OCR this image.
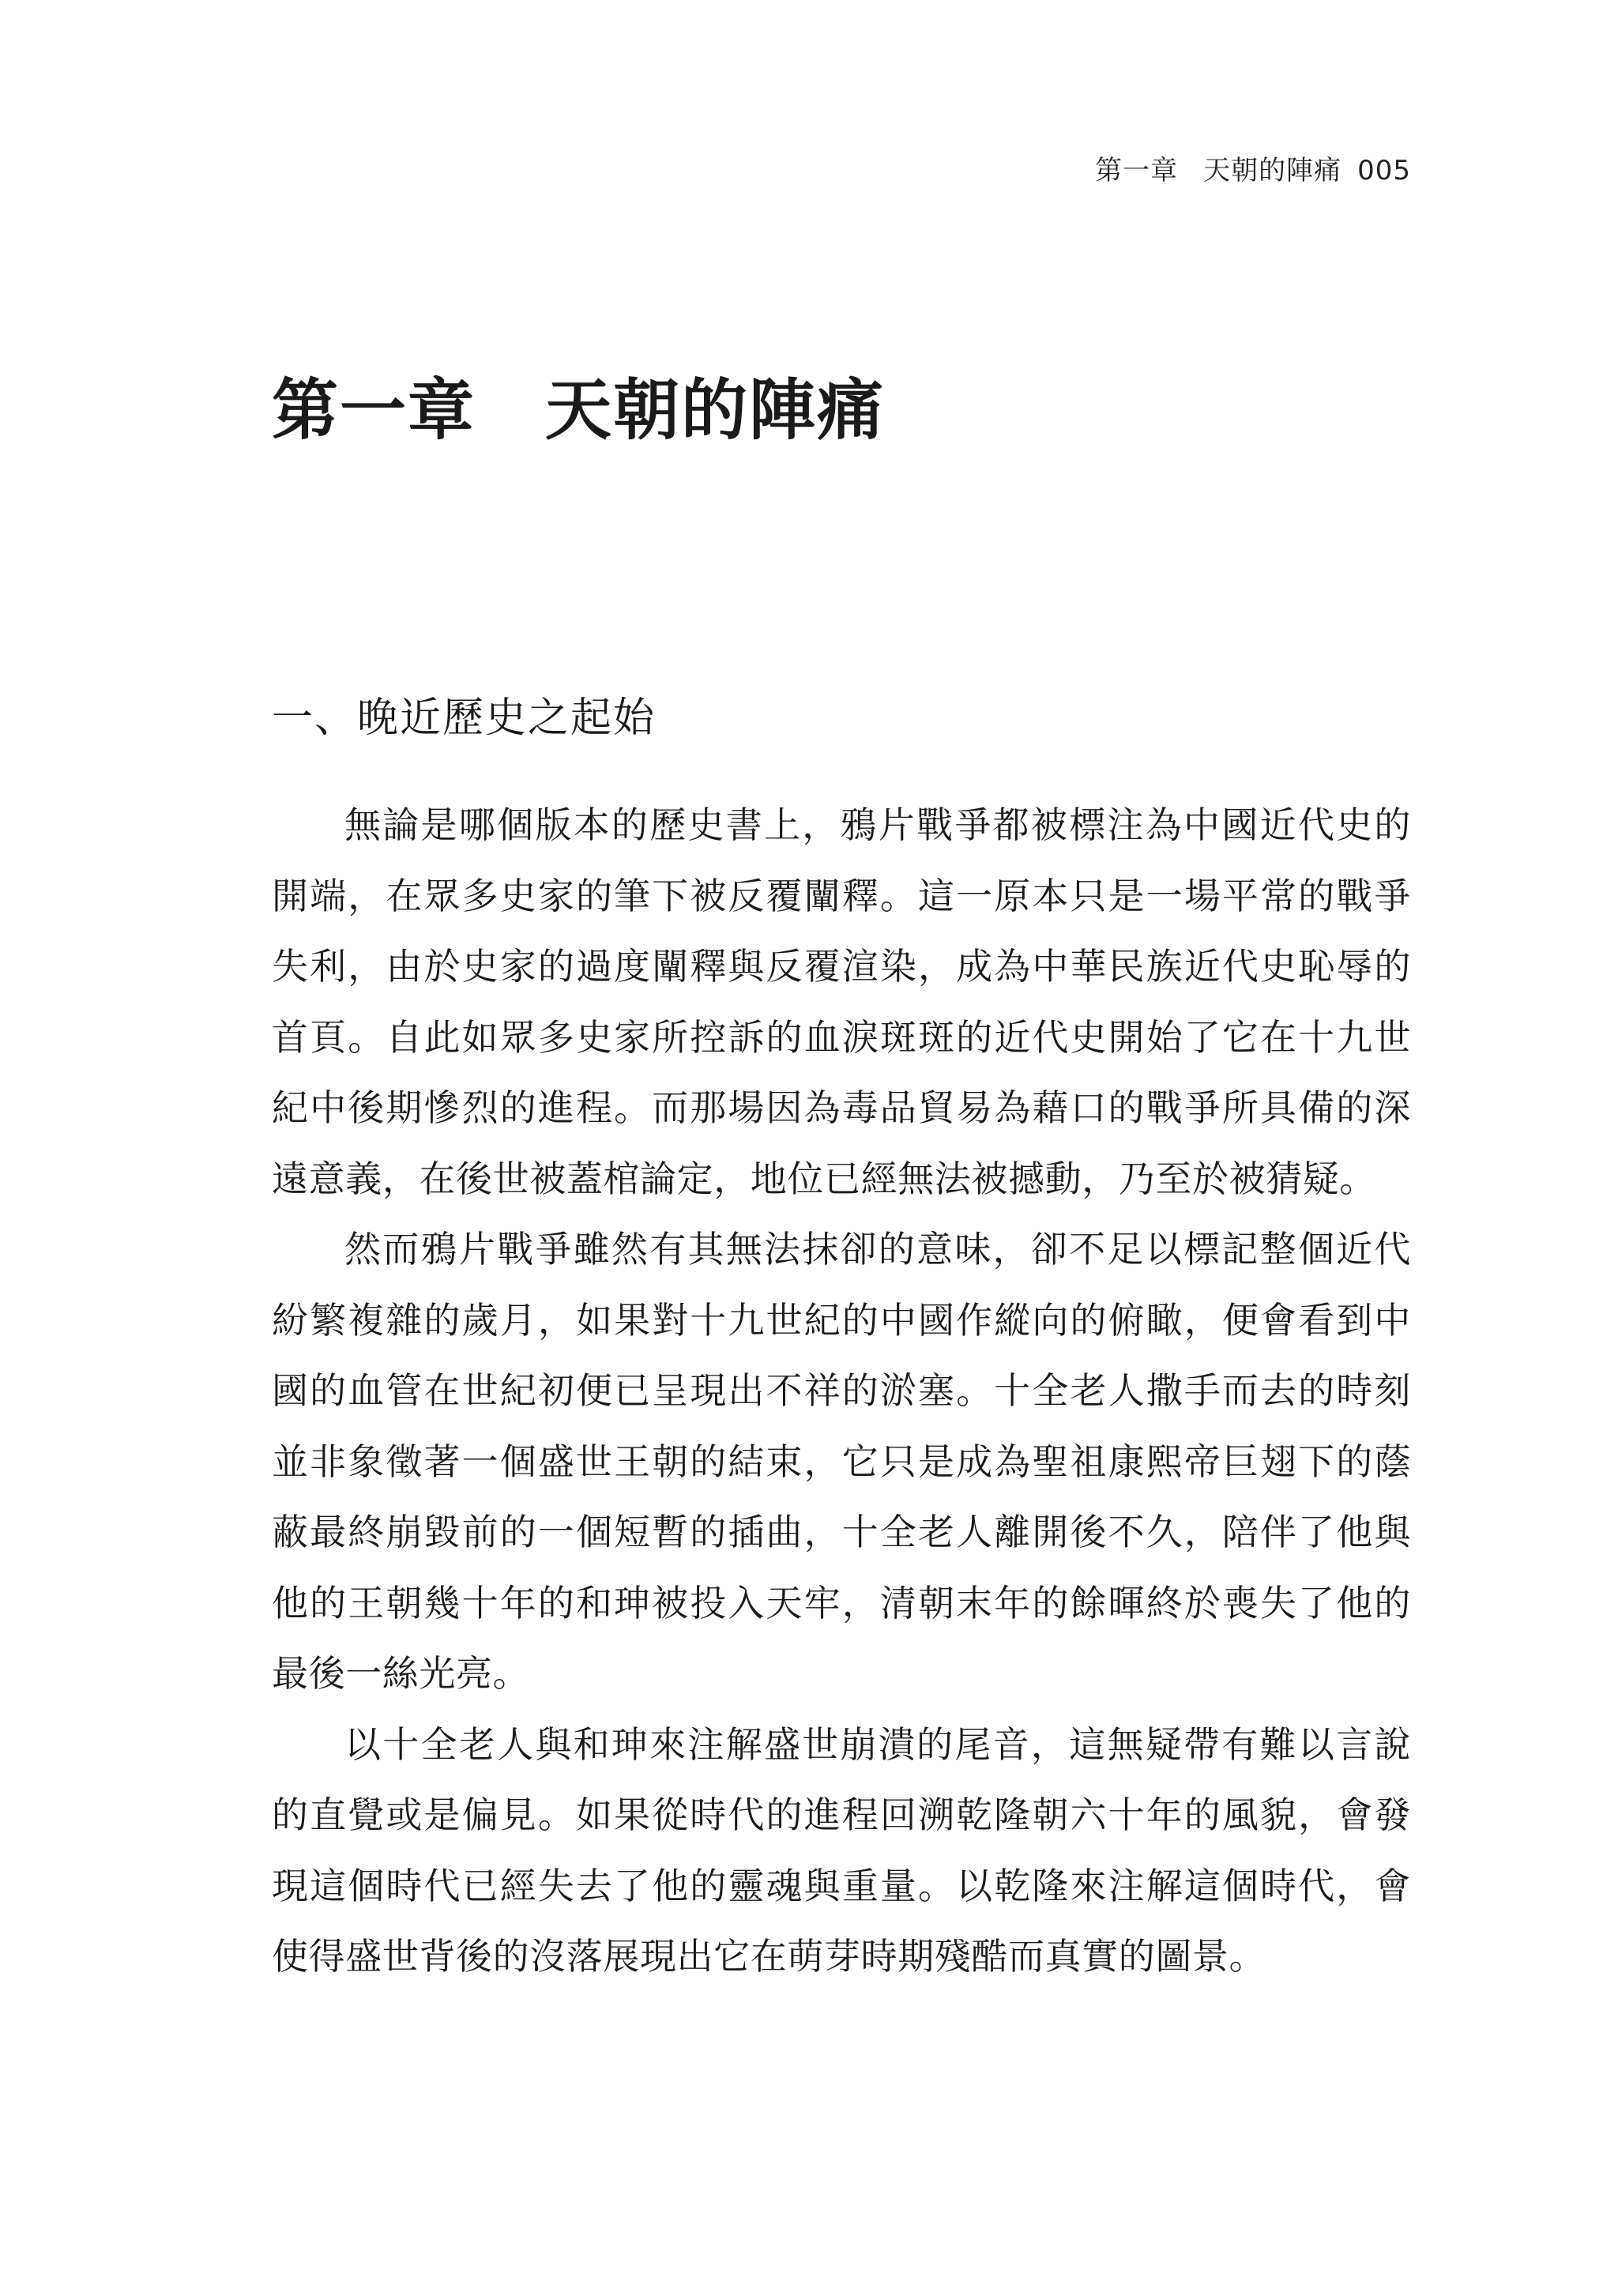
第一章 天朝的陣痛 005
第一章 天朝的陣痛
一、晚近歷史之起始

無論是哪個版本的歷史書上，鴉片戰爭都被標注為中國近代史的開端，在眾多史家的筆下被反覆闡釋。這一原本只是一場平常的戰爭失利，由於史家的過度闡釋與反覆渲染，成為中華民族近代史恥辱的首頁。自此如眾多史家所控訴的血淚斑斑的近代史開始了它在十九世紀中後期慘烈的進程。而那場因為毒品貿易為藉口的戰爭所具備的深遠意義，在後世被蓋棺論定，地位已經無法被撼動，乃至於被猜疑。

然而鴉片戰爭雖然有其無法抹卻的意味，卻不足以標記整個近代紛繁複雜的歲月，如果對十九世紀的中國作縱向的俯瞰，便會看到中國的血管在世紀初便已呈現出不祥的淤塞。十全老人撒手而去的時刻並非象徵著一個盛世王朝的結束，它只是成為聖祖康熙帝巨翅下的蔭蔽最終崩毀前的一個短暫的插曲，十全老人離開後不久，陪伴了他與他的王朝幾十年的和珅被投入天牢，清朝末年的餘暉終於喪失了他的最後一絲光亮。

以十全老人與和珅來注解盛世崩潰的尾音，這無疑帶有難以言說的直覺或是偏見。如果從時代的進程回溯乾隆朝六十年的風貌，會發現這個時代已經失去了他的靈魂與重量。以乾隆來注解這個時代，會使得盛世背後的沒落展現出它在萌芽時期殘酷而真實的圖景。
